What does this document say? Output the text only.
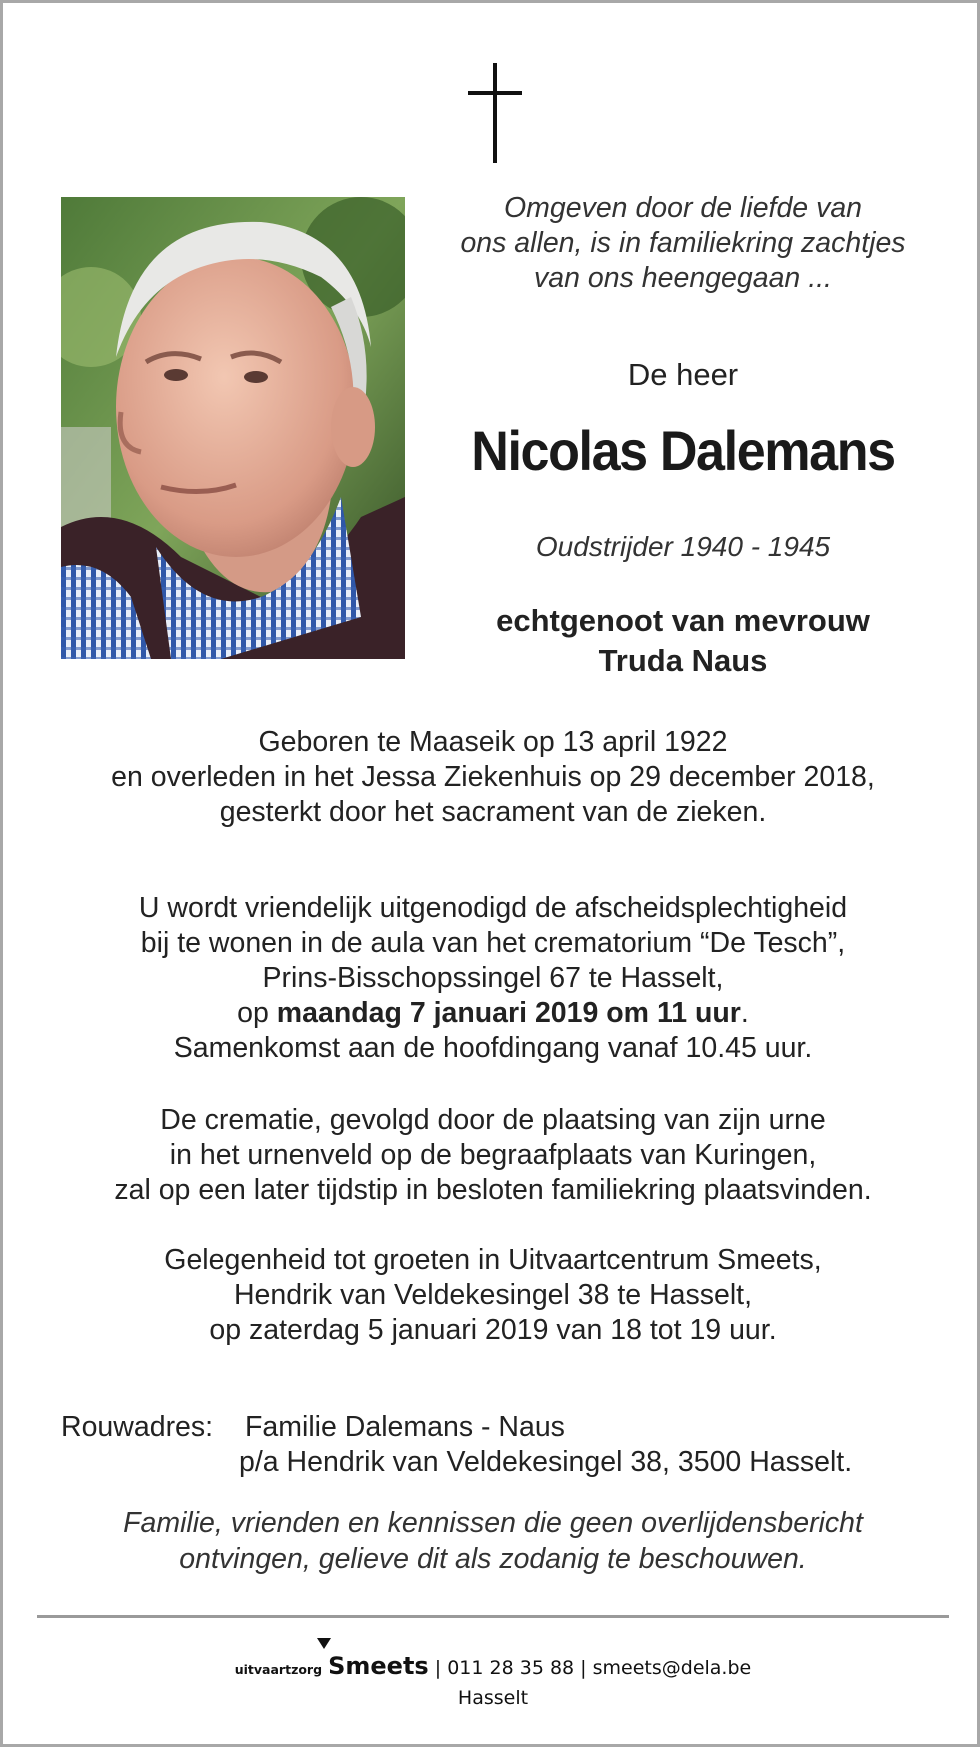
Omgeven door de liefde van
ons allen, is in familiekring zachtjes
van ons heengegaan ...
De heer
Nicolas Dalemans
Oudstrijder 1940 - 1945
echtgenoot van mevrouw
Truda Naus
Geboren te Maaseik op 13 april 1922
en overleden in het Jessa Ziekenhuis op 29 december 2018,
gesterkt door het sacrament van de zieken.
U wordt vriendelijk uitgenodigd de afscheidsplechtigheid
bij te wonen in de aula van het crematorium “De Tesch”,
Prins-Bisschopssingel 67 te Hasselt,
op maandag 7 januari 2019 om 11 uur.
Samenkomst aan de hoofdingang vanaf 10.45 uur.
De crematie, gevolgd door de plaatsing van zijn urne
in het urnenveld op de begraafplaats van Kuringen,
zal op een later tijdstip in besloten familiekring plaatsvinden.
Gelegenheid tot groeten in Uitvaartcentrum Smeets,
Hendrik van Veldekesingel 38 te Hasselt,
op zaterdag 5 januari 2019 van 18 tot 19 uur.
Rouwadres: Familie Dalemans - Naus
p/a Hendrik van Veldekesingel 38, 3500 Hasselt.
Familie, vrienden en kennissen die geen overlijdensbericht
ontvingen, gelieve dit als zodanig te beschouwen.
uitvaartzorg Smeets | 011 28 35 88 | smeets@dela.be
Hasselt
